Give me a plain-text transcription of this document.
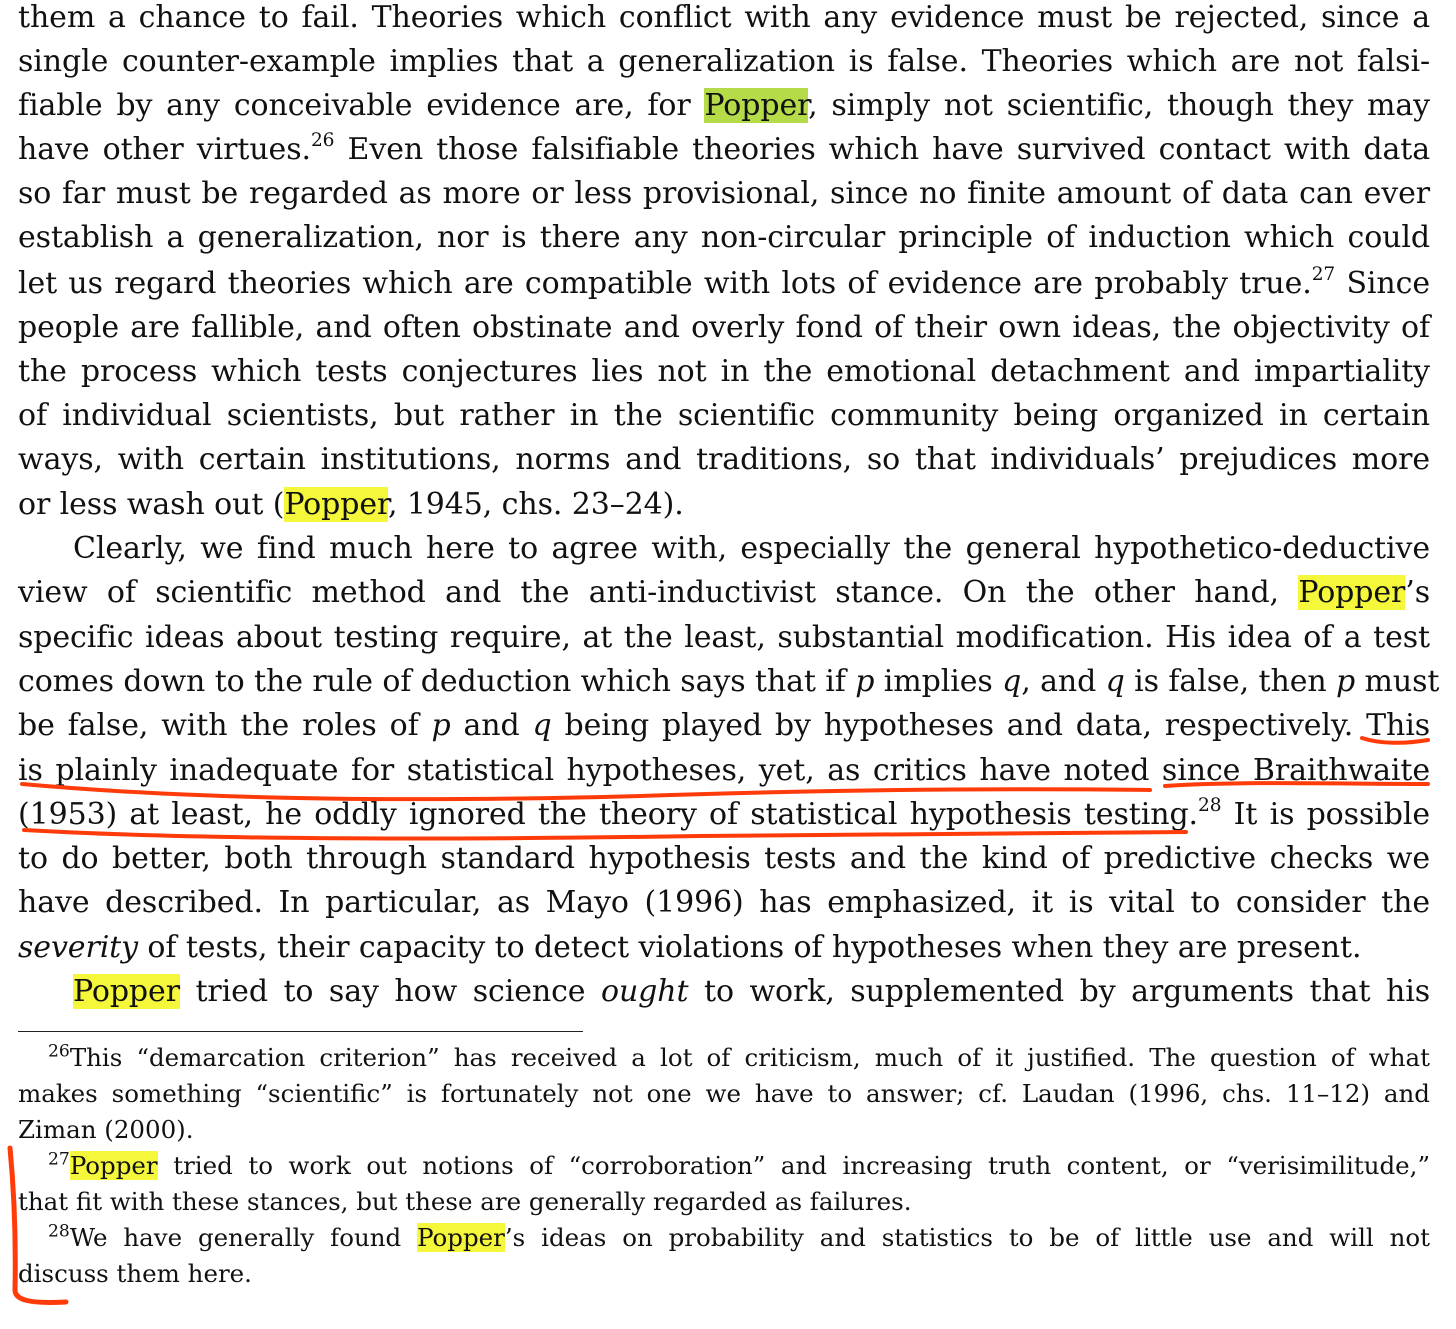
them a chance to fail. Theories which conflict with any evidence must be rejected, since a
single counter-example implies that a generalization is false. Theories which are not falsi-
fiable by any conceivable evidence are, for Popper, simply not scientific, though they may
have other virtues.$^{26}$ Even those falsifiable theories which have survived contact with data
so far must be regarded as more or less provisional, since no finite amount of data can ever
establish a generalization, nor is there any non-circular principle of induction which could
let us regard theories which are compatible with lots of evidence are probably true.$^{27}$ Since
people are fallible, and often obstinate and overly fond of their own ideas, the objectivity of
the process which tests conjectures lies not in the emotional detachment and impartiality
of individual scientists, but rather in the scientific community being organized in certain
ways, with certain institutions, norms and traditions, so that individuals’ prejudices more
or less wash out (Popper, 1945, chs. 23–24).
Clearly, we find much here to agree with, especially the general hypothetico-deductive
view of scientific method and the anti-inductivist stance. On the other hand, Popper’s
specific ideas about testing require, at the least, substantial modification. His idea of a test
comes down to the rule of deduction which says that if p implies q, and q is false, then p must
be false, with the roles of p and q being played by hypotheses and data, respectively. This
is plainly inadequate for statistical hypotheses, yet, as critics have noted since Braithwaite
(1953) at least, he oddly ignored the theory of statistical hypothesis testing.$^{28}$ It is possible
to do better, both through standard hypothesis tests and the kind of predictive checks we
have described. In particular, as Mayo (1996) has emphasized, it is vital to consider the
severity of tests, their capacity to detect violations of hypotheses when they are present.
Popper tried to say how science ought to work, supplemented by arguments that his
$^{26}$This “demarcation criterion” has received a lot of criticism, much of it justified. The question of what
makes something “scientific” is fortunately not one we have to answer; cf. Laudan (1996, chs. 11–12) and
Ziman (2000).
$^{27}$Popper tried to work out notions of “corroboration” and increasing truth content, or “verisimilitude,”
that fit with these stances, but these are generally regarded as failures.
$^{28}$We have generally found Popper’s ideas on probability and statistics to be of little use and will not
discuss them here.
